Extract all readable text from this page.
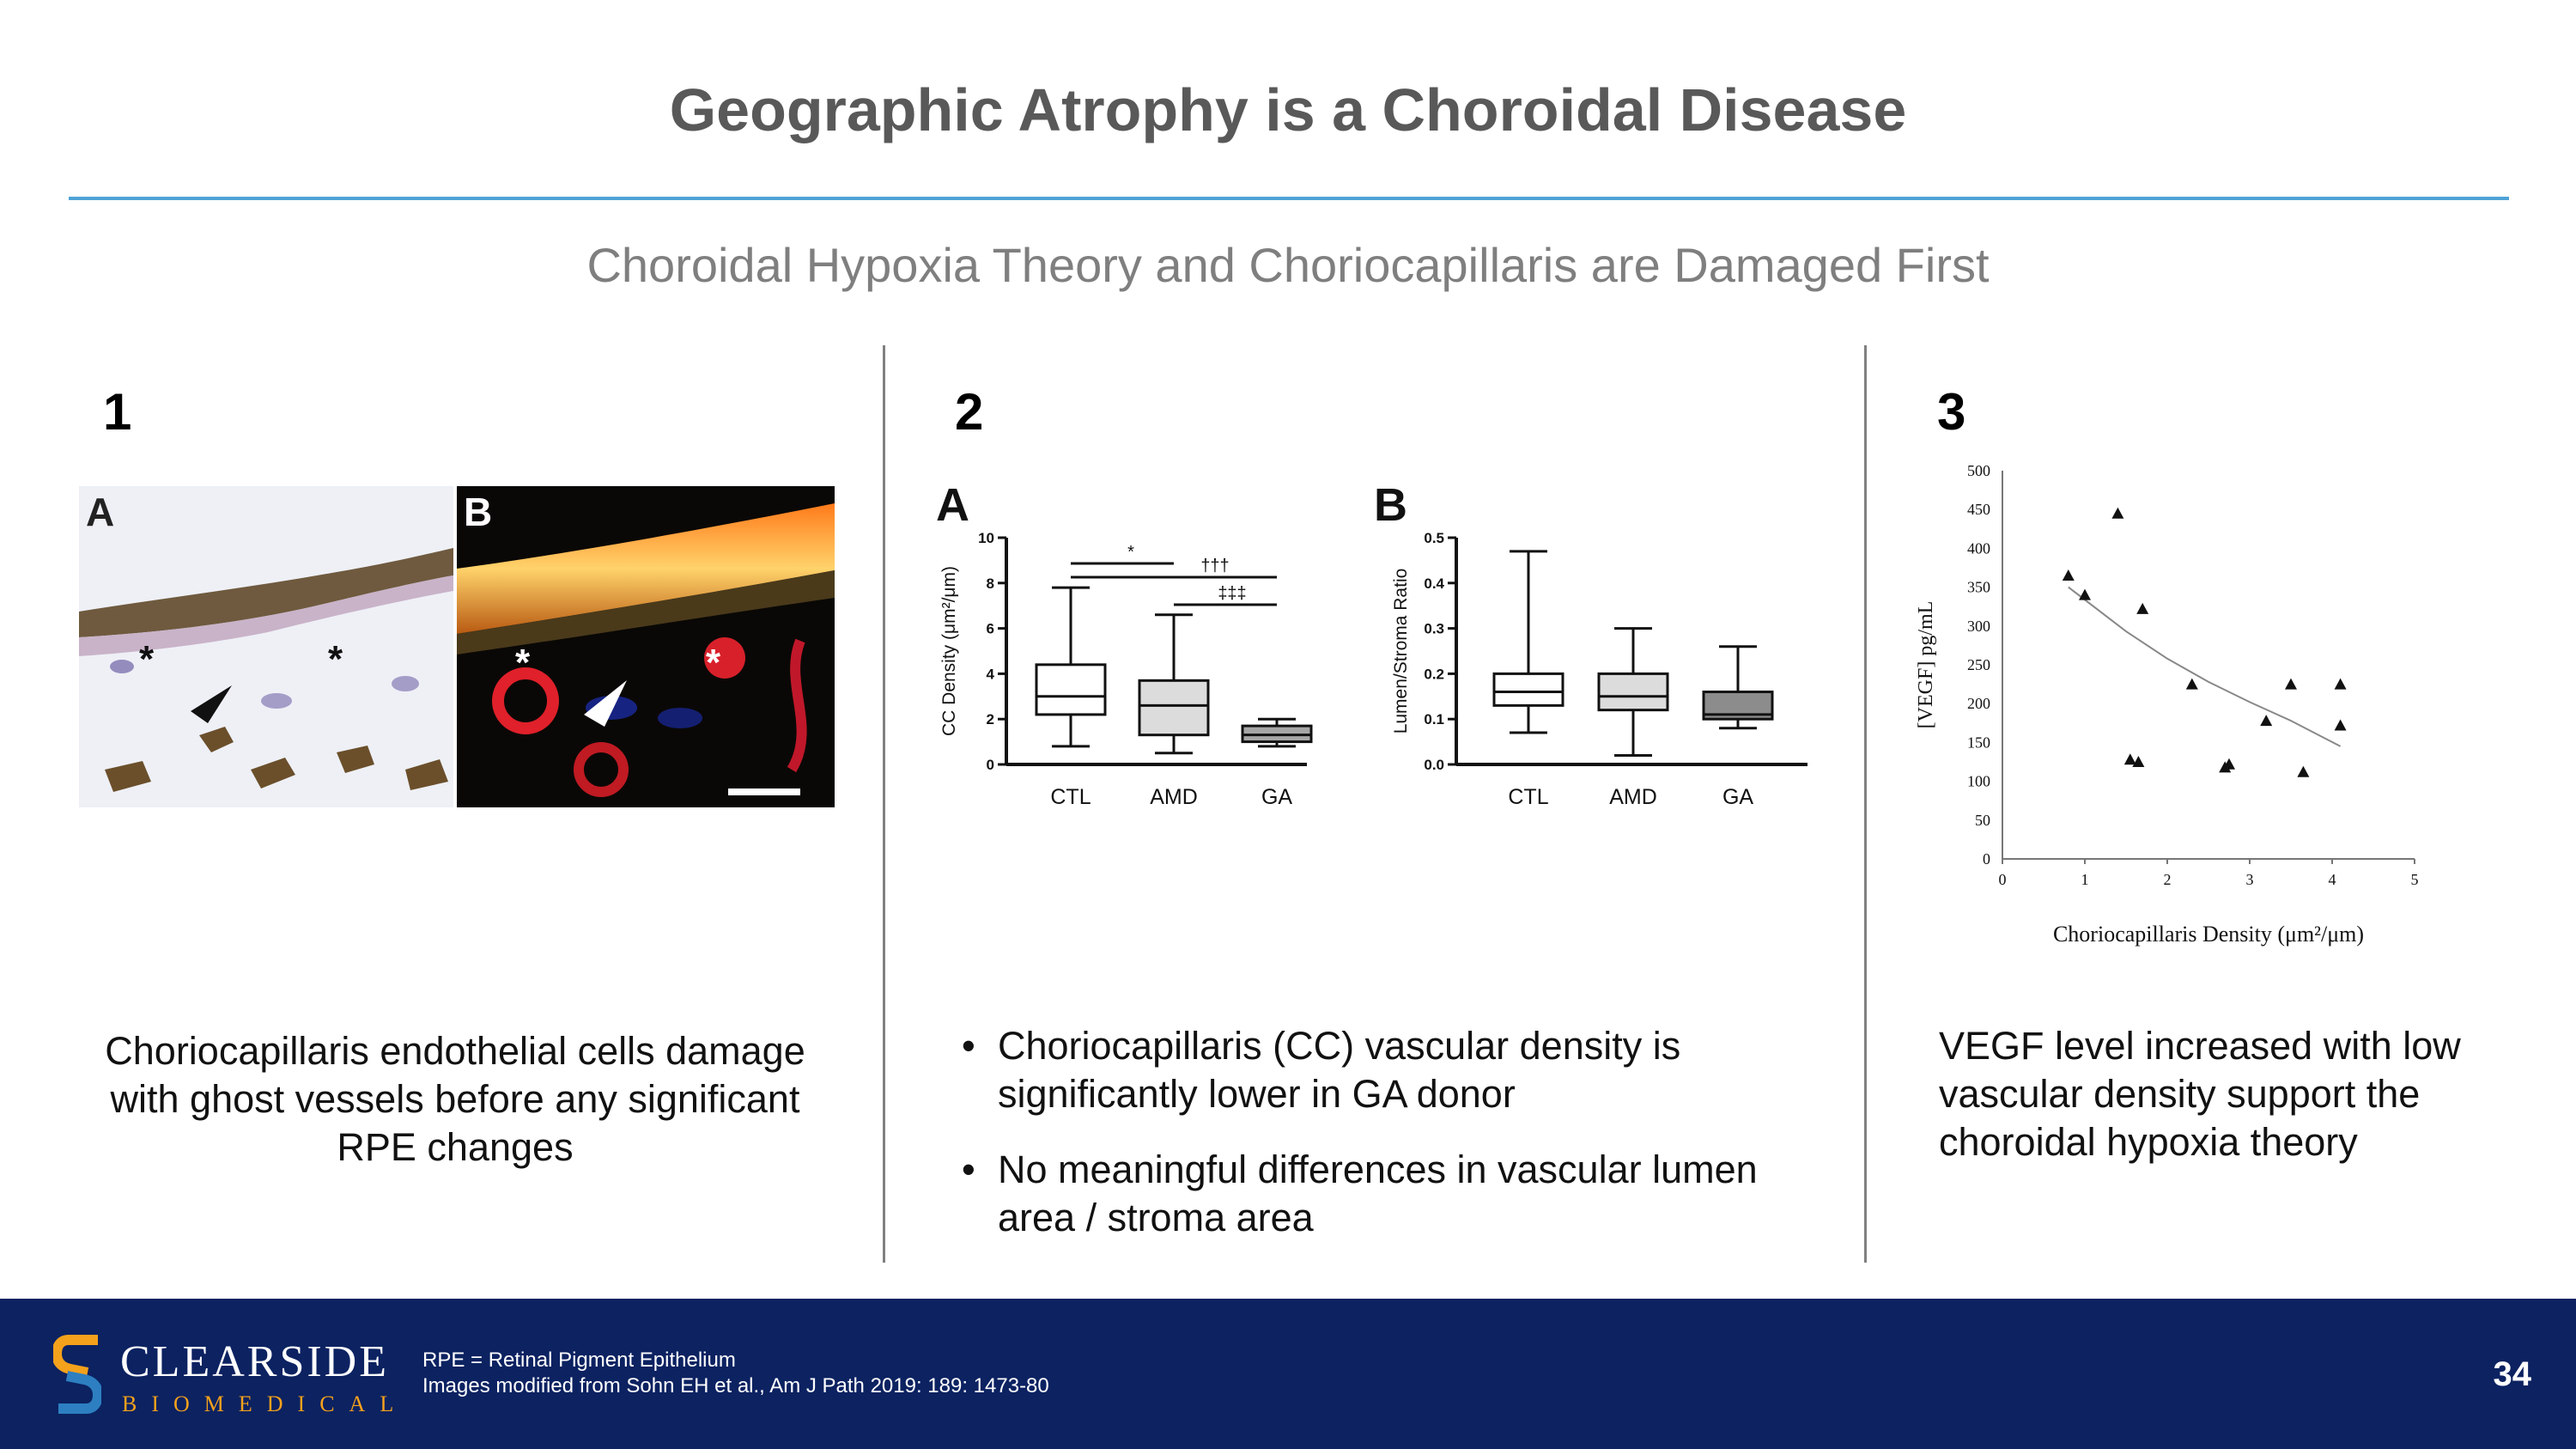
Geographic Atrophy is a Choroidal Disease
Choroidal Hypoxia Theory and Choriocapillaris are Damaged First
1	2	3
*	*
A
*	*
B
Choriocapillaris endothelial cells damage with ghost vessels before any significant RPE changes
A
0
2
4
6
8
10
CC Density (μm²/μm)
CTL	AMD	GA
*
†††
‡‡‡
B
0.0
0.1
0.2
0.3
0.4
0.5
Lumen/Stroma Ratio
CTL	AMD	GA
• Choriocapillaris (CC) vascular density is significantly lower in GA donor
• No meaningful differences in vascular lumen area / stroma area
0
50
100
150
200
250
300
350
400
450
500
0	1	2	3	4	5
Choriocapillaris Density (μm²/μm)
[VEGF] pg/mL
VEGF level increased with low vascular density support the choroidal hypoxia theory
CLEARSIDE
BIOMEDICAL
RPE = Retinal Pigment Epithelium
Images modified from Sohn EH et al., Am J Path 2019: 189: 1473-80	34
